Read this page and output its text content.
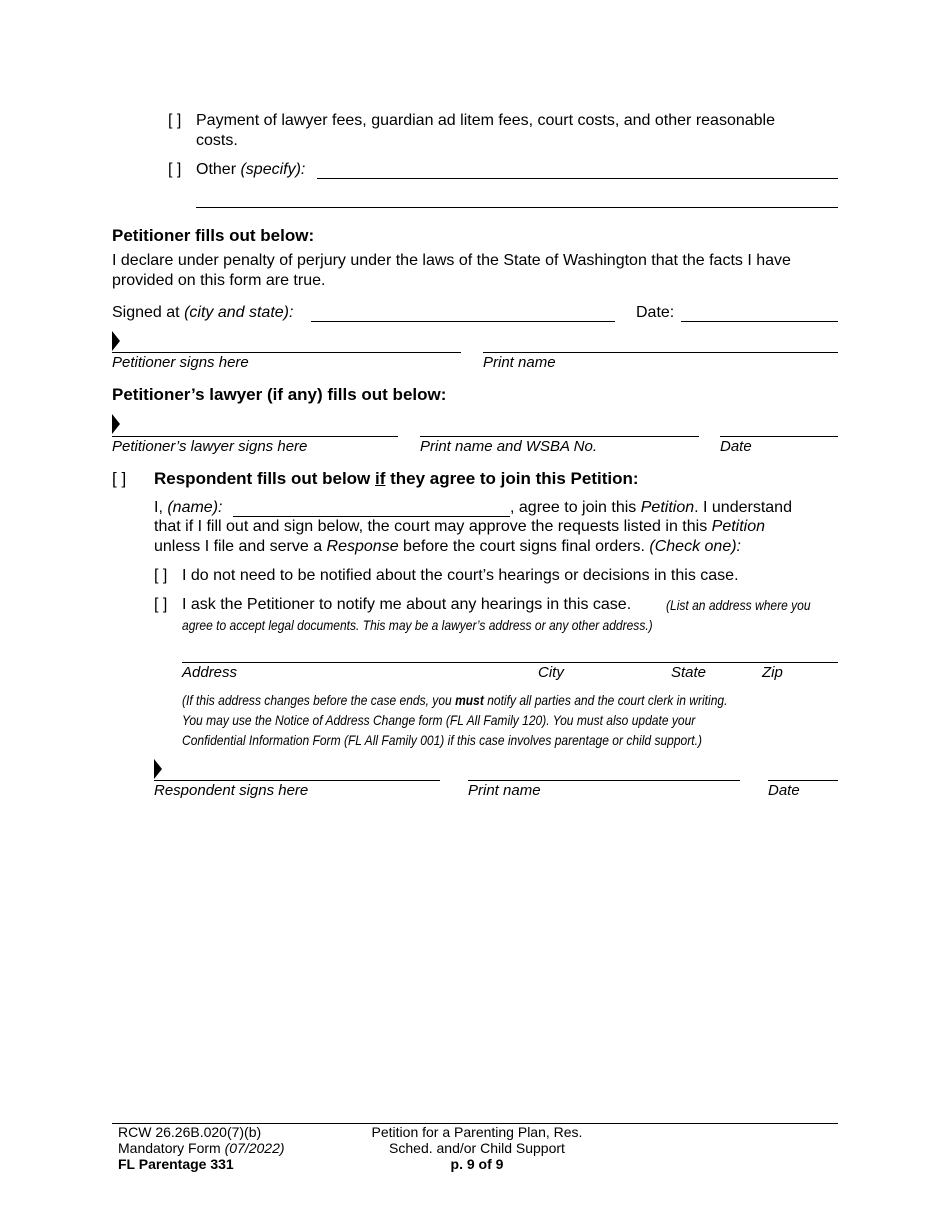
[ ] Payment of lawyer fees, guardian ad litem fees, court costs, and other reasonable
costs.
[ ] Other (specify):
Petitioner fills out below:
I declare under penalty of perjury under the laws of the State of Washington that the facts I have
provided on this form are true.
Signed at (city and state):	Date:
Petitioner signs here	Print name
Petitioner’s lawyer (if any) fills out below:
Petitioner’s lawyer signs here	Print name and WSBA No.	Date
[ ] Respondent fills out below if they agree to join this Petition:
I, (name):	, agree to join this Petition. I understand
that if I fill out and sign below, the court may approve the requests listed in this Petition
unless I file and serve a Response before the court signs final orders. (Check one):
[ ] I do not need to be notified about the court’s hearings or decisions in this case.
[ ] I ask the Petitioner to notify me about any hearings in this case. (List an address where you
agree to accept legal documents. This may be a lawyer’s address or any other address.)
Address	City	State	Zip
(If this address changes before the case ends, you must notify all parties and the court clerk in writing.
You may use the Notice of Address Change form (FL All Family 120). You must also update your
Confidential Information Form (FL All Family 001) if this case involves parentage or child support.)
Respondent signs here	Print name	Date
RCW 26.26B.020(7)(b)
Mandatory Form (07/2022)
FL Parentage 331
Petition for a Parenting Plan, Res.
Sched. and/or Child Support
p. 9 of 9
